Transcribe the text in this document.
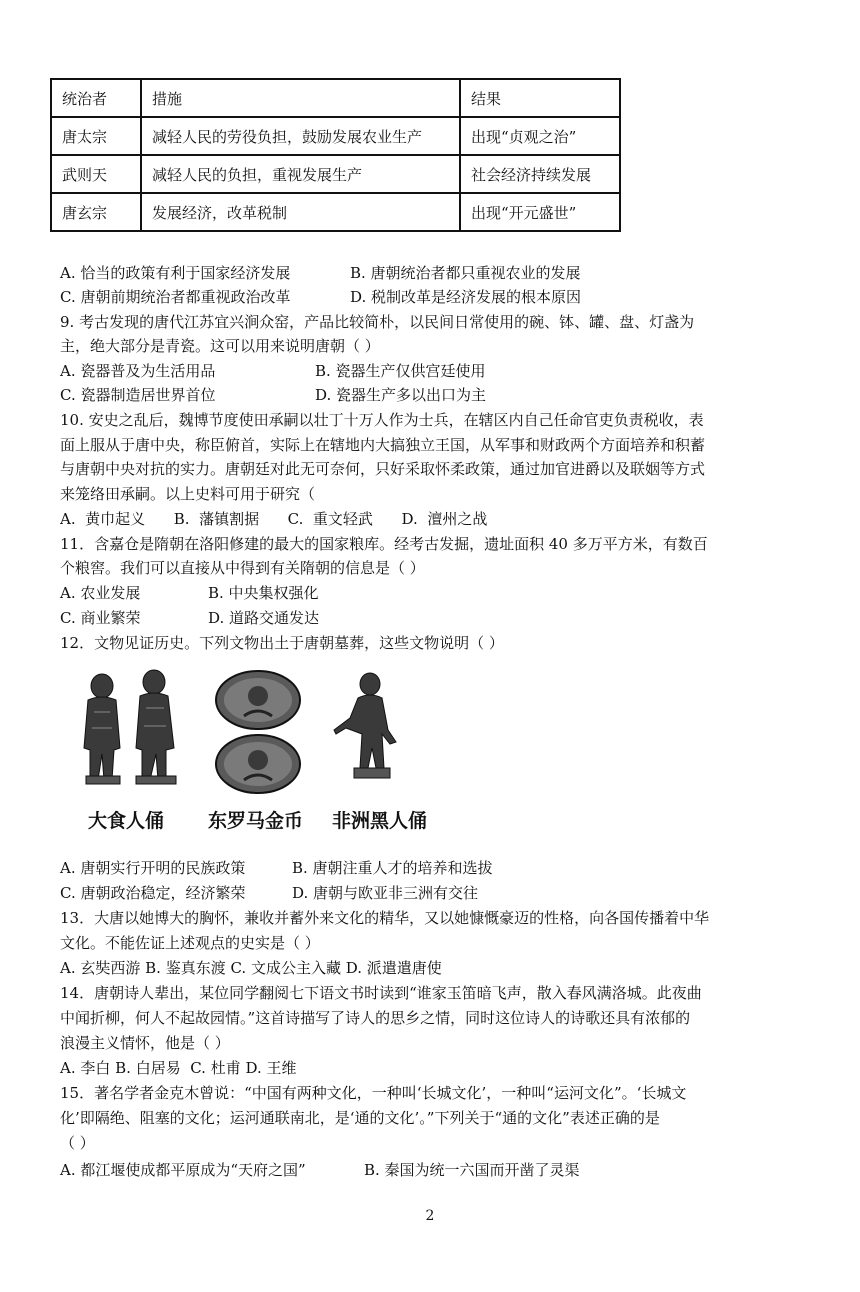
统治者	措施	结果
唐太宗	减轻人民的劳役负担，鼓励发展农业生产	出现“贞观之治”
武则天	减轻人民的负担，重视发展生产	社会经济持续发展
唐玄宗	发展经济，改革税制	出现“开元盛世”
A. 恰当的政策有利于国家经济发展	B. 唐朝统治者都只重视农业的发展
C. 唐朝前期统治者都重视政治改革	D. 税制改革是经济发展的根本原因
9. 考古发现的唐代江苏宜兴涧众窑，产品比较简朴，以民间日常使用的碗、钵、罐、盘、灯盏为
主，绝大部分是青瓷。这可以用来说明唐朝（ ）
A. 瓷器普及为生活用品	B. 瓷器生产仅供宫廷使用
C. 瓷器制造居世界首位	D. 瓷器生产多以出口为主
10. 安史之乱后，魏博节度使田承嗣以壮丁十万人作为士兵，在辖区内自己任命官吏负责税收，表
面上服从于唐中央，称臣俯首，实际上在辖地内大搞独立王国，从军事和财政两个方面培养和积蓄
与唐朝中央对抗的实力。唐朝廷对此无可奈何，只好采取怀柔政策，通过加官进爵以及联姻等方式
来笼络田承嗣。以上史料可用于研究（
A.  黄巾起义      B.  藩镇割据      C.  重文轻武      D.  澶州之战
11．含嘉仓是隋朝在洛阳修建的最大的国家粮库。经考古发掘，遗址面积 40 多万平方米，有数百
个粮窖。我们可以直接从中得到有关隋朝的信息是（ ）
A. 农业发展	B. 中央集权强化
C. 商业繁荣	D. 道路交通发达
12．文物见证历史。下列文物出土于唐朝墓葬，这些文物说明（ ）
大食人俑 东罗马金币 非洲黑人俑
A. 唐朝实行开明的民族政策	B. 唐朝注重人才的培养和选拔
C. 唐朝政治稳定，经济繁荣	D. 唐朝与欧亚非三洲有交往
13．大唐以她博大的胸怀，兼收并蓄外来文化的精华，又以她慷慨豪迈的性格，向各国传播着中华
文化。不能佐证上述观点的史实是（ ）
A. 玄奘西游 B. 鉴真东渡 C. 文成公主入藏 D. 派遣遣唐使
14．唐朝诗人辈出，某位同学翻阅七下语文书时读到“谁家玉笛暗飞声，散入春风满洛城。此夜曲
中闻折柳，何人不起故园情。”这首诗描写了诗人的思乡之情，同时这位诗人的诗歌还具有浓郁的
浪漫主义情怀，他是（ ）
A. 李白 B. 白居易  C. 杜甫 D. 王维
15．著名学者金克木曾说：“中国有两种文化，一种叫‘长城文化’，一种叫“运河文化”。‘长城文
化’即隔绝、阻塞的文化；运河通联南北，是‘通的文化’。”下列关于“通的文化”表述正确的是
（ ）
A. 都江堰使成都平原成为“天府之国”	B. 秦国为统一六国而开凿了灵渠
2
